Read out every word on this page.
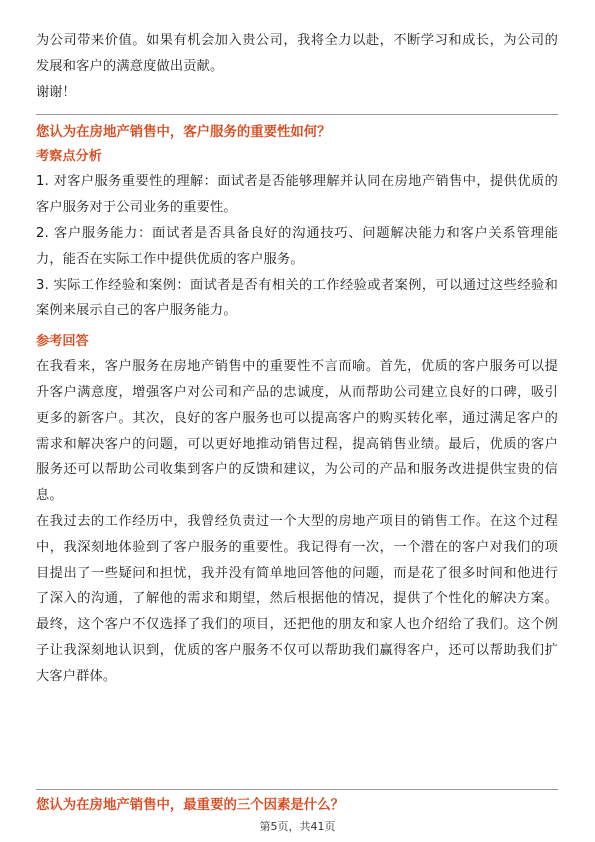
为公司带来价值。如果有机会加入贵公司，我将全力以赴，不断学习和成长，为公司的发展和客户的满意度做出贡献。

谢谢！

您认为在房地产销售中，客户服务的重要性如何？
考察点分析

1. 对客户服务重要性的理解：面试者是否能够理解并认同在房地产销售中，提供优质的客户服务对于公司业务的重要性。

2. 客户服务能力：面试者是否具备良好的沟通技巧、问题解决能力和客户关系管理能力，能否在实际工作中提供优质的客户服务。

3. 实际工作经验和案例：面试者是否有相关的工作经验或者案例，可以通过这些经验和案例来展示自己的客户服务能力。

参考回答

在我看来，客户服务在房地产销售中的重要性不言而喻。首先，优质的客户服务可以提升客户满意度，增强客户对公司和产品的忠诚度，从而帮助公司建立良好的口碑，吸引更多的新客户。其次，良好的客户服务也可以提高客户的购买转化率，通过满足客户的需求和解决客户的问题，可以更好地推动销售过程，提高销售业绩。最后，优质的客户服务还可以帮助公司收集到客户的反馈和建议，为公司的产品和服务改进提供宝贵的信息。

在我过去的工作经历中，我曾经负责过一个大型的房地产项目的销售工作。在这个过程中，我深刻地体验到了客户服务的重要性。我记得有一次，一个潜在的客户对我们的项目提出了一些疑问和担忧，我并没有简单地回答他的问题，而是花了很多时间和他进行了深入的沟通，了解他的需求和期望，然后根据他的情况，提供了个性化的解决方案。最终，这个客户不仅选择了我们的项目，还把他的朋友和家人也介绍给了我们。这个例子让我深刻地认识到，优质的客户服务不仅可以帮助我们赢得客户，还可以帮助我们扩大客户群体。

您认为在房地产销售中，最重要的三个因素是什么？
第5页，共41页
